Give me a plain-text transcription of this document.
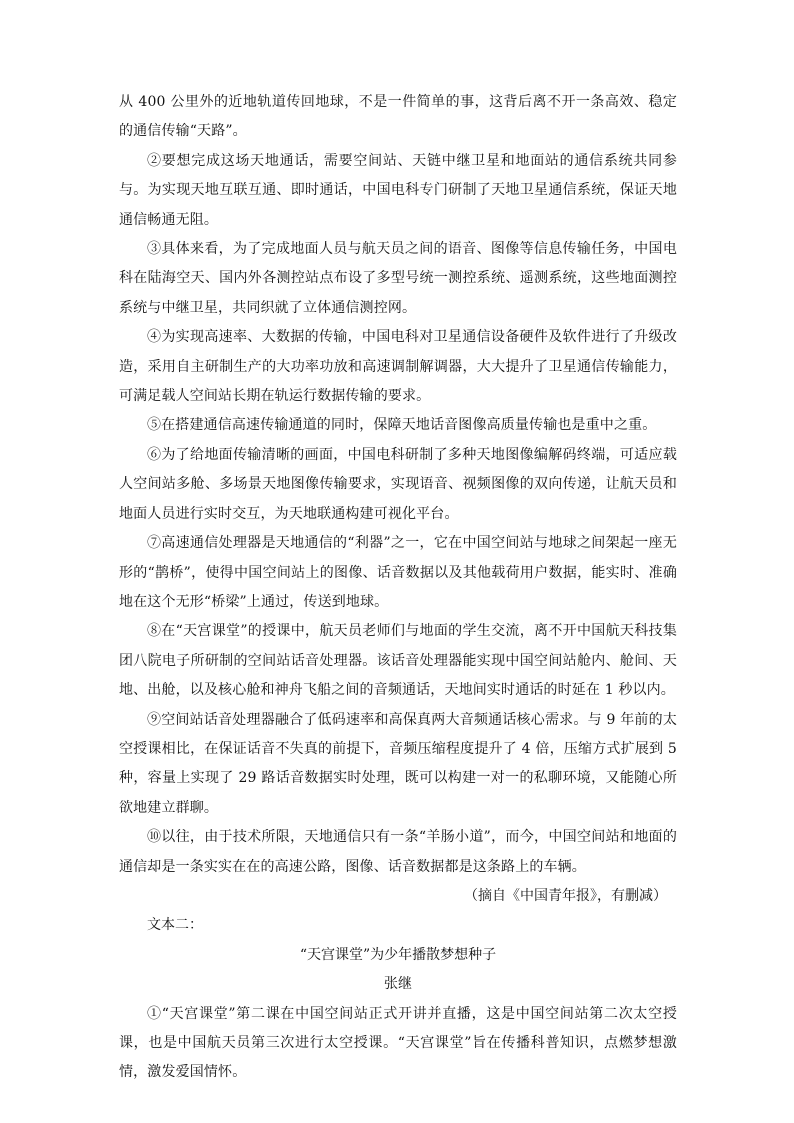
从 400 公里外的近地轨道传回地球，不是一件简单的事，这背后离不开一条高效、稳定的通信传输“天路”。

②要想完成这场天地通话，需要空间站、天链中继卫星和地面站的通信系统共同参与。为实现天地互联互通、即时通话，中国电科专门研制了天地卫星通信系统，保证天地通信畅通无阻。

③具体来看，为了完成地面人员与航天员之间的语音、图像等信息传输任务，中国电科在陆海空天、国内外各测控站点布设了多型号统一测控系统、遥测系统，这些地面测控系统与中继卫星，共同织就了立体通信测控网。

④为实现高速率、大数据的传输，中国电科对卫星通信设备硬件及软件进行了升级改造，采用自主研制生产的大功率功放和高速调制解调器，大大提升了卫星通信传输能力，可满足载人空间站长期在轨运行数据传输的要求。

⑤在搭建通信高速传输通道的同时，保障天地话音图像高质量传输也是重中之重。

⑥为了给地面传输清晰的画面，中国电科研制了多种天地图像编解码终端，可适应载人空间站多舱、多场景天地图像传输要求，实现语音、视频图像的双向传递，让航天员和地面人员进行实时交互，为天地联通构建可视化平台。

⑦高速通信处理器是天地通信的“利器”之一，它在中国空间站与地球之间架起一座无形的“鹊桥”，使得中国空间站上的图像、话音数据以及其他载荷用户数据，能实时、准确地在这个无形“桥梁”上通过，传送到地球。

⑧在“天宫课堂”的授课中，航天员老师们与地面的学生交流，离不开中国航天科技集团八院电子所研制的空间站话音处理器。该话音处理器能实现中国空间站舱内、舱间、天地、出舱，以及核心舱和神舟飞船之间的音频通话，天地间实时通话的时延在 1 秒以内。

⑨空间站话音处理器融合了低码速率和高保真两大音频通话核心需求。与 9 年前的太空授课相比，在保证话音不失真的前提下，音频压缩程度提升了 4 倍，压缩方式扩展到 5 种，容量上实现了 29 路话音数据实时处理，既可以构建一对一的私聊环境，又能随心所欲地建立群聊。

⑩以往，由于技术所限，天地通信只有一条“羊肠小道”，而今，中国空间站和地面的通信却是一条实实在在的高速公路，图像、话音数据都是这条路上的车辆。

（摘自《中国青年报》，有删减）

文本二：

“天宫课堂”为少年播散梦想种子

张继

①“天宫课堂”第二课在中国空间站正式开讲并直播，这是中国空间站第二次太空授课，也是中国航天员第三次进行太空授课。“天宫课堂”旨在传播科普知识，点燃梦想激情，激发爱国情怀。
